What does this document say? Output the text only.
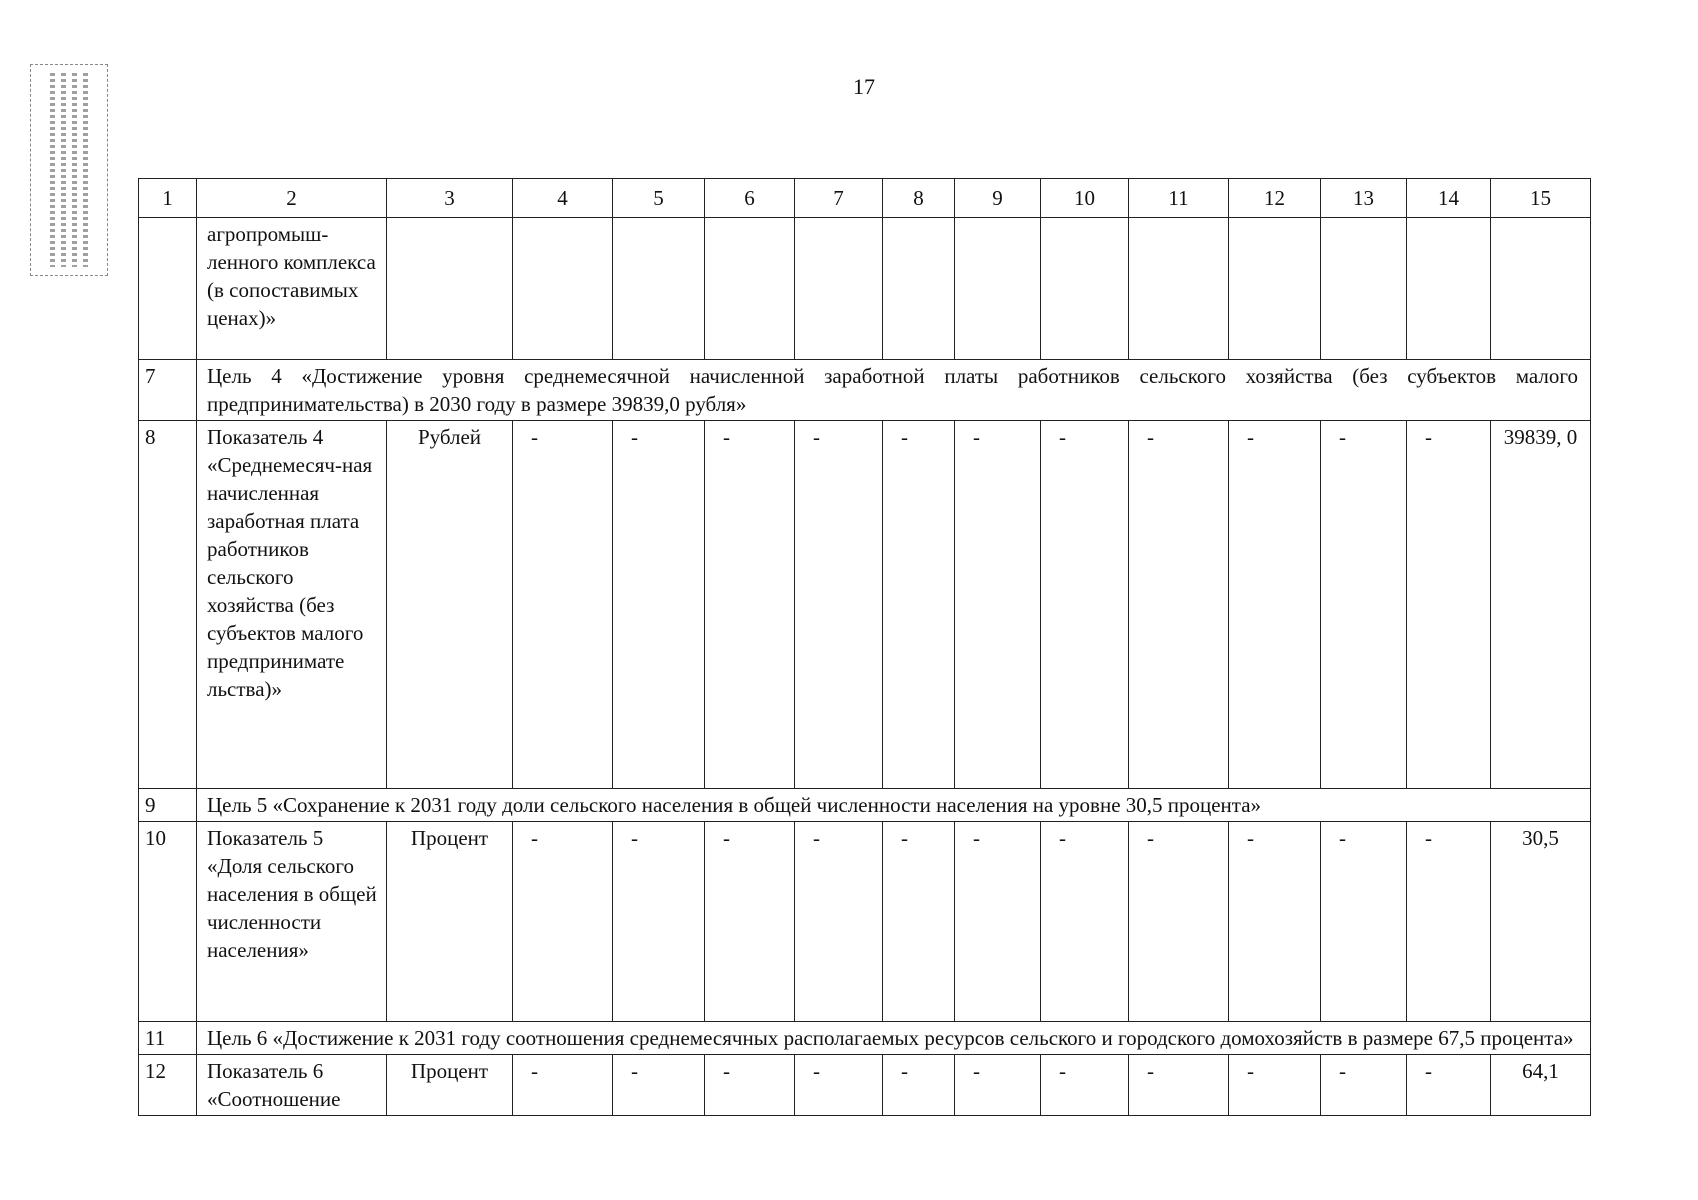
17
1	2	3	4	5	6	7	8	9	10	11	12	13	14	15
	агропромыш-ленного комплекса (в сопоставимых ценах)»													
7	Цель 4 «Достижение уровня среднемесячной начисленной заработной платы работников сельского хозяйства (без субъектов малого предпринимательства) в 2030 году в размере 39839,0 рубля»													
8	Показатель 4 «Среднемесяч-ная начисленная заработная плата работников сельского хозяйства (без субъектов малого предпринимате льства)»	Рублей	-	-	-	-	-	-	-	-	-	-	-	39839, 0
9	Цель 5 «Сохранение к 2031 году доли сельского населения в общей численности населения на уровне 30,5 процента»													
10	Показатель 5 «Доля сельского населения в общей численности населения»	Процент	-	-	-	-	-	-	-	-	-	-	-	30,5
11	Цель 6 «Достижение к 2031 году соотношения среднемесячных располагаемых ресурсов сельского и городского домохозяйств в размере 67,5 процента»													
12	Показатель 6 «Соотношение	Процент	-	-	-	-	-	-	-	-	-	-	-	64,1
